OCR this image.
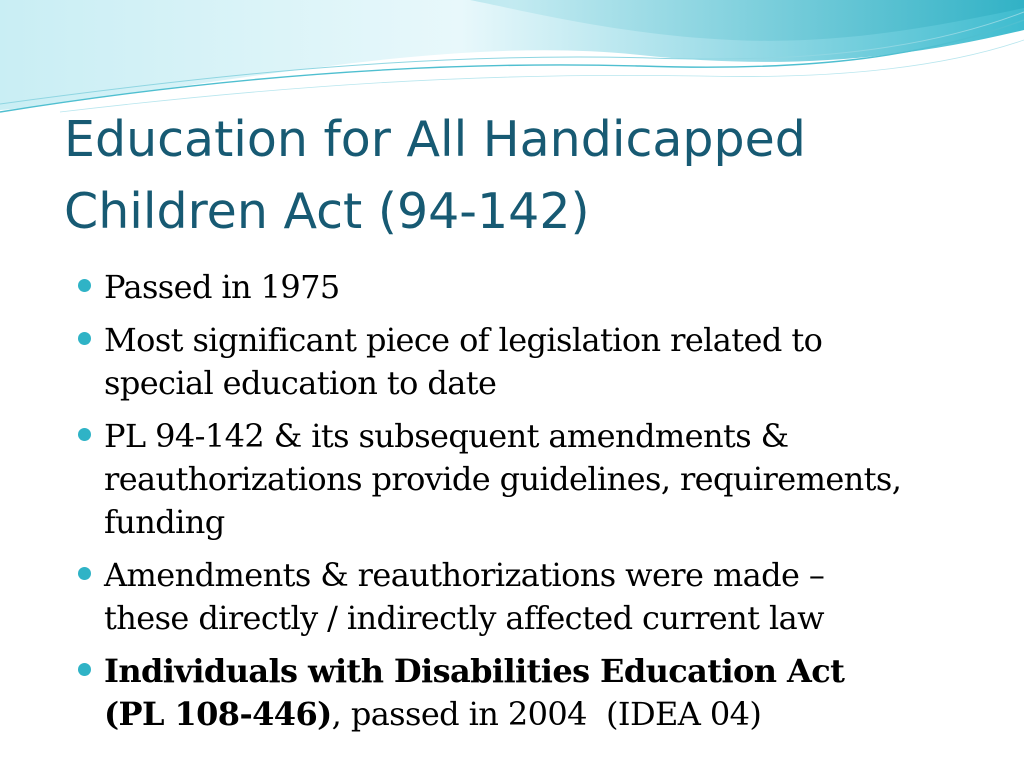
Education for All Handicapped
Children Act (94-142)
Passed in 1975
Most significant piece of legislation related to
special education to date
PL 94-142 & its subsequent amendments &
reauthorizations provide guidelines, requirements,
funding
Amendments & reauthorizations were made –
these directly / indirectly affected current law
Individuals with Disabilities Education Act
(PL 108-446), passed in 2004  (IDEA 04)
